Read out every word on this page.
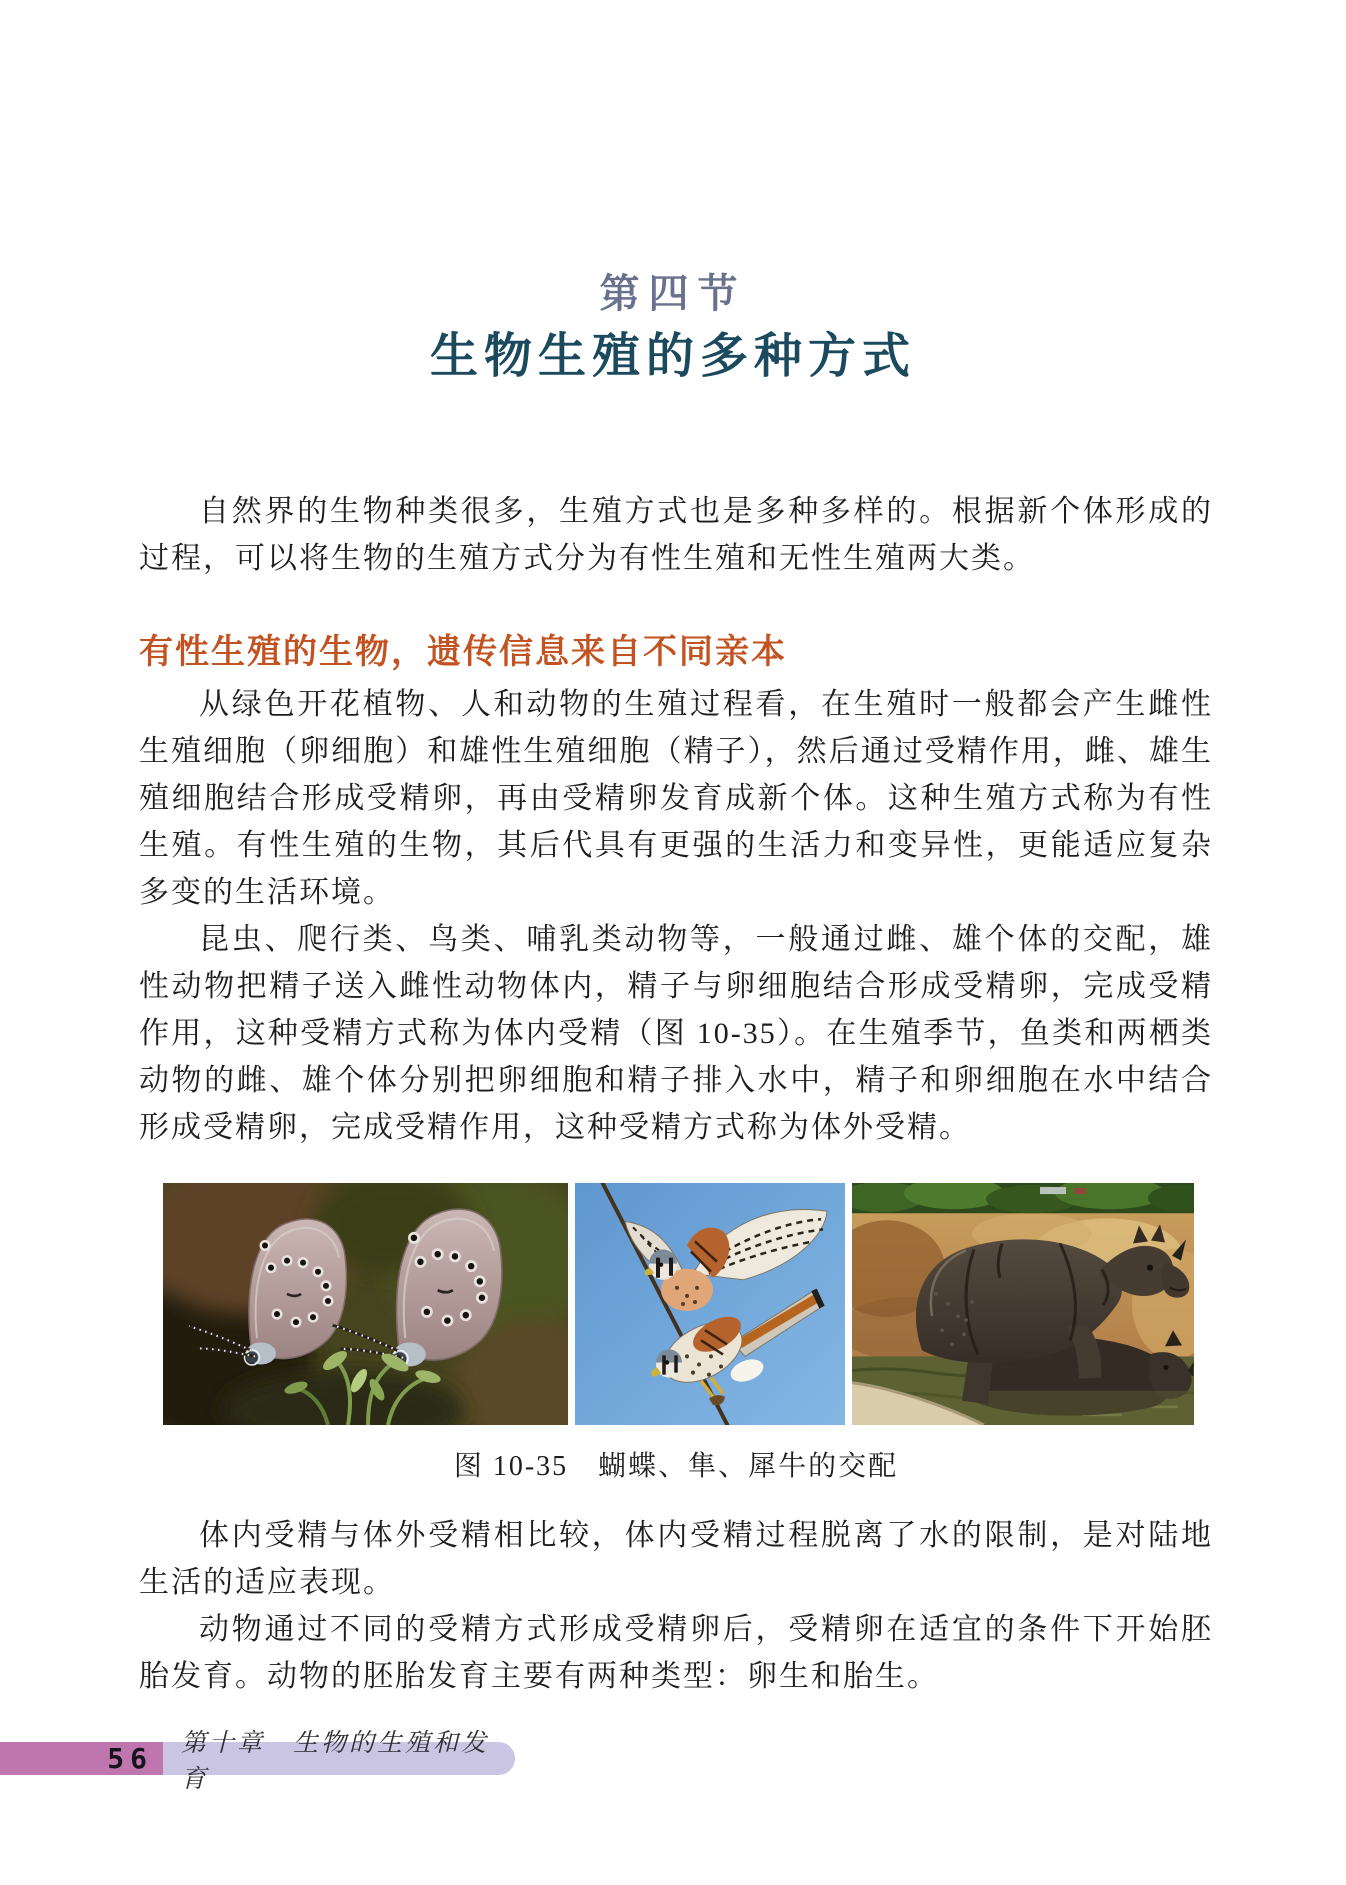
第四节
生物生殖的多种方式

自然界的生物种类很多，生殖方式也是多种多样的。根据新个体形成的过程，可以将生物的生殖方式分为有性生殖和无性生殖两大类。

有性生殖的生物，遗传信息来自不同亲本

从绿色开花植物、人和动物的生殖过程看，在生殖时一般都会产生雌性生殖细胞（卵细胞）和雄性生殖细胞（精子），然后通过受精作用，雌、雄生殖细胞结合形成受精卵，再由受精卵发育成新个体。这种生殖方式称为有性生殖。有性生殖的生物，其后代具有更强的生活力和变异性，更能适应复杂多变的生活环境。

昆虫、爬行类、鸟类、哺乳类动物等，一般通过雌、雄个体的交配，雄性动物把精子送入雌性动物体内，精子与卵细胞结合形成受精卵，完成受精作用，这种受精方式称为体内受精（图 10-35）。在生殖季节，鱼类和两栖类动物的雌、雄个体分别把卵细胞和精子排入水中，精子和卵细胞在水中结合形成受精卵，完成受精作用，这种受精方式称为体外受精。

图 10-35　蝴蝶、隼、犀牛的交配

体内受精与体外受精相比较，体内受精过程脱离了水的限制，是对陆地生活的适应表现。

动物通过不同的受精方式形成受精卵后，受精卵在适宜的条件下开始胚胎发育。动物的胚胎发育主要有两种类型：卵生和胎生。

56 第十章　生物的生殖和发育
